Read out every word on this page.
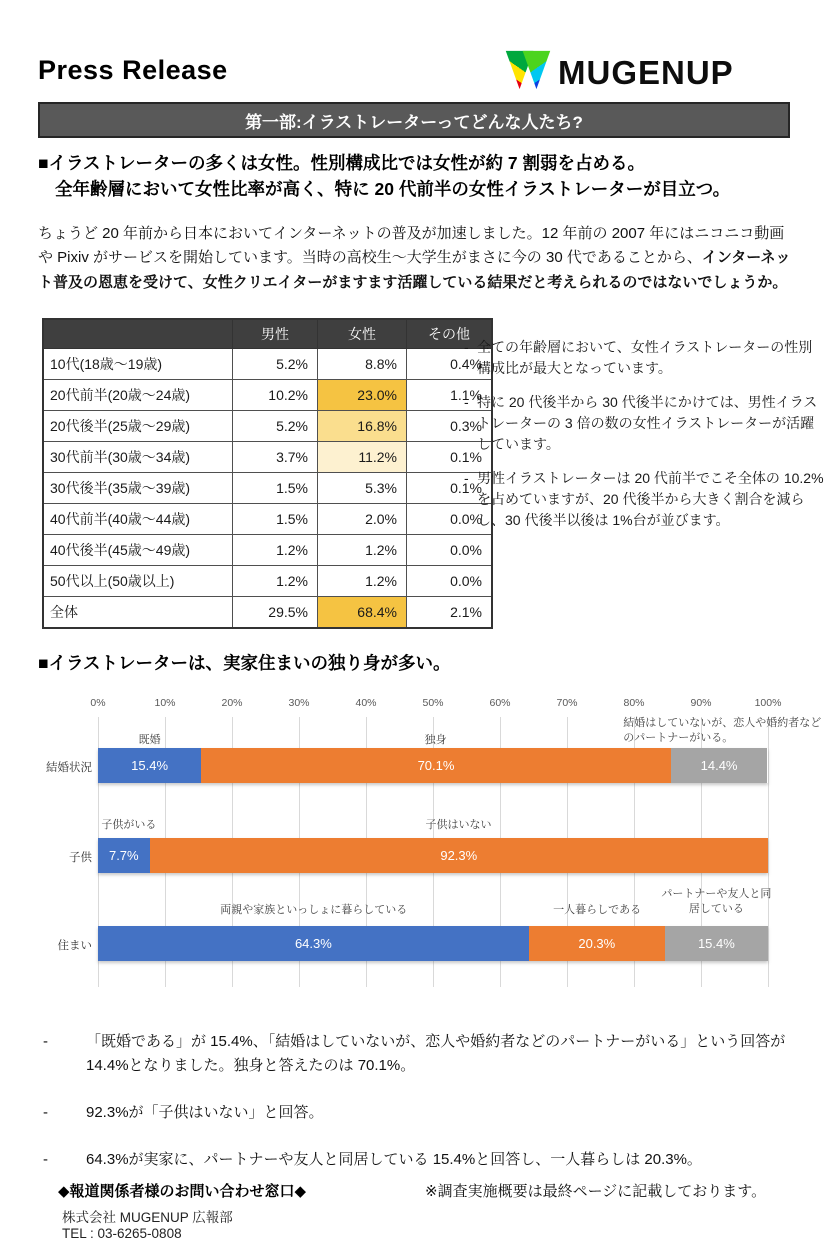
Press Release	MUGENUP
第一部:イラストレーターってどんな人たち?
■イラストレーターの多くは女性。性別構成比では女性が約 7 割弱を占める。
全年齢層において女性比率が高く、特に 20 代前半の女性イラストレーターが目立つ。
ちょうど 20 年前から日本においてインターネットの普及が加速しました。12 年前の 2007 年にはニコニコ動画や Pixiv がサービスを開始しています。当時の高校生〜大学生がまさに今の 30 代であることから、インターネット普及の恩恵を受けて、女性クリエイターがますます活躍している結果だと考えられるのではないでしょうか。
	男性	女性	その他
10代(18歳〜19歳)	5.2%	8.8%	0.4%
20代前半(20歳〜24歳)	10.2%	23.0%	1.1%
20代後半(25歳〜29歳)	5.2%	16.8%	0.3%
30代前半(30歳〜34歳)	3.7%	11.2%	0.1%
30代後半(35歳〜39歳)	1.5%	5.3%	0.1%
40代前半(40歳〜44歳)	1.5%	2.0%	0.0%
40代後半(45歳〜49歳)	1.2%	1.2%	0.0%
50代以上(50歳以上)	1.2%	1.2%	0.0%
全体	29.5%	68.4%	2.1%
- 全ての年齢層において、女性イラストレーターの性別構成比が最大となっています。
- 特に 20 代後半から 30 代後半にかけては、男性イラストレーターの 3 倍の数の女性イラストレーターが活躍しています。
- 男性イラストレーターは 20 代前半でこそ全体の 10.2%を占めていますが、20 代後半から大きく割合を減らし、30 代後半以後は 1%台が並びます。
■イラストレーターは、実家住まいの独り身が多い。
0%	10%	20%	30%	40%	50%	60%	70%	80%	90%	100%
既婚	独身
結婚はしていないが、恋人や婚約者などのパートナーがいる。
子供がいる	子供はいない
両親や家族といっしょに暮らしている	一人暮らしである
パートナーや友人と同居している
結婚状況
子供
住まい
15.4%	70.1%	14.4%
7.7%	92.3%
64.3%	20.3%	15.4%
- 「既婚である」が 15.4%、「結婚はしていないが、恋人や婚約者などのパートナーがいる」という回答が 14.4%となりました。独身と答えたのは 70.1%。
- 92.3%が「子供はいない」と回答。
- 64.3%が実家に、パートナーや友人と同居している 15.4%と回答し、一人暮らしは 20.3%。
◆報道関係者様のお問い合わせ窓口◆	※調査実施概要は最終ページに記載しております。
株式会社 MUGENUP 広報部
TEL : 03-6265-0808
